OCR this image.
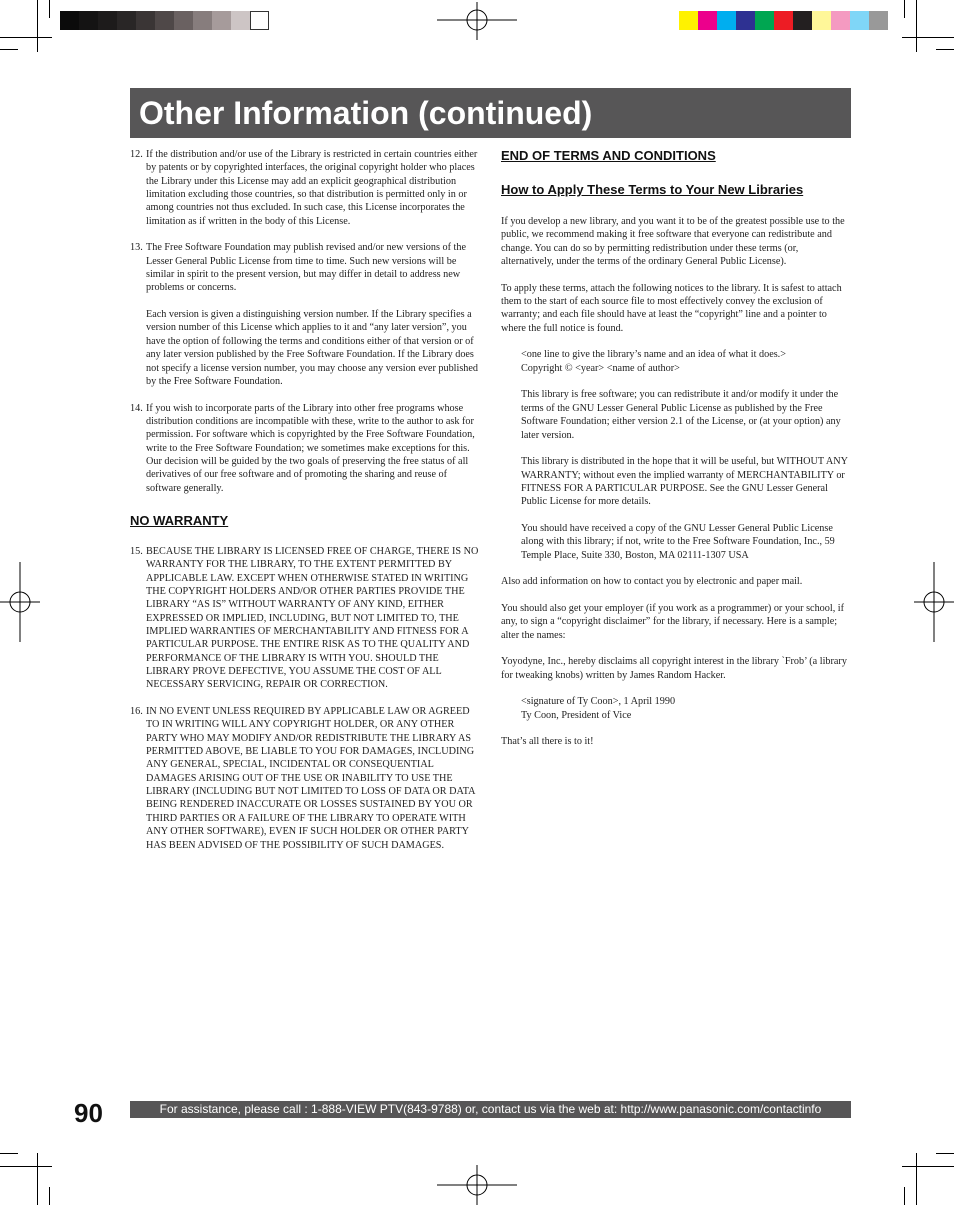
Other Information (continued)
12. If the distribution and/or use of the Library is restricted in certain countries either by patents or by copyrighted interfaces, the original copyright holder who places the Library under this License may add an explicit geographical distribution limitation excluding those countries, so that distribution is permitted only in or among countries not thus excluded. In such case, this License incorporates the limitation as if written in the body of this License.
13. The Free Software Foundation may publish revised and/or new versions of the Lesser General Public License from time to time. Such new versions will be similar in spirit to the present version, but may differ in detail to address new problems or concerns.
Each version is given a distinguishing version number. If the Library specifies a version number of this License which applies to it and “any later version”, you have the option of following the terms and conditions either of that version or of any later version published by the Free Software Foundation. If the Library does not specify a license version number, you may choose any version ever published by the Free Software Foundation.
14. If you wish to incorporate parts of the Library into other free programs whose distribution conditions are incompatible with these, write to the author to ask for permission. For software which is copyrighted by the Free Software Foundation, write to the Free Software Foundation; we sometimes make exceptions for this. Our decision will be guided by the two goals of preserving the free status of all derivatives of our free software and of promoting the sharing and reuse of software generally.

NO WARRANTY

15. BECAUSE THE LIBRARY IS LICENSED FREE OF CHARGE, THERE IS NO WARRANTY FOR THE LIBRARY, TO THE EXTENT PERMITTED BY APPLICABLE LAW. EXCEPT WHEN OTHERWISE STATED IN WRITING THE COPYRIGHT HOLDERS AND/OR OTHER PARTIES PROVIDE THE LIBRARY “AS IS” WITHOUT WARRANTY OF ANY KIND, EITHER EXPRESSED OR IMPLIED, INCLUDING, BUT NOT LIMITED TO, THE IMPLIED WARRANTIES OF MERCHANTABILITY AND FITNESS FOR A PARTICULAR PURPOSE. THE ENTIRE RISK AS TO THE QUALITY AND PERFORMANCE OF THE LIBRARY IS WITH YOU. SHOULD THE LIBRARY PROVE DEFECTIVE, YOU ASSUME THE COST OF ALL NECESSARY SERVICING, REPAIR OR CORRECTION.
16. IN NO EVENT UNLESS REQUIRED BY APPLICABLE LAW OR AGREED TO IN WRITING WILL ANY COPYRIGHT HOLDER, OR ANY OTHER PARTY WHO MAY MODIFY AND/OR REDISTRIBUTE THE LIBRARY AS PERMITTED ABOVE, BE LIABLE TO YOU FOR DAMAGES, INCLUDING ANY GENERAL, SPECIAL, INCIDENTAL OR CONSEQUENTIAL DAMAGES ARISING OUT OF THE USE OR INABILITY TO USE THE LIBRARY (INCLUDING BUT NOT LIMITED TO LOSS OF DATA OR DATA BEING RENDERED INACCURATE OR LOSSES SUSTAINED BY YOU OR THIRD PARTIES OR A FAILURE OF THE LIBRARY TO OPERATE WITH ANY OTHER SOFTWARE), EVEN IF SUCH HOLDER OR OTHER PARTY HAS BEEN ADVISED OF THE POSSIBILITY OF SUCH DAMAGES.

END OF TERMS AND CONDITIONS

How to Apply These Terms to Your New Libraries

If you develop a new library, and you want it to be of the greatest possible use to the public, we recommend making it free software that everyone can redistribute and change. You can do so by permitting redistribution under these terms (or, alternatively, under the terms of the ordinary General Public License).

To apply these terms, attach the following notices to the library. It is safest to attach them to the start of each source file to most effectively convey the exclusion of warranty; and each file should have at least the “copyright” line and a pointer to where the full notice is found.

<one line to give the library’s name and an idea of what it does.>
Copyright © <year> <name of author>

This library is free software; you can redistribute it and/or modify it under the terms of the GNU Lesser General Public License as published by the Free Software Foundation; either version 2.1 of the License, or (at your option) any later version.

This library is distributed in the hope that it will be useful, but WITHOUT ANY WARRANTY; without even the implied warranty of MERCHANTABILITY or FITNESS FOR A PARTICULAR PURPOSE. See the GNU Lesser General Public License for more details.

You should have received a copy of the GNU Lesser General Public License along with this library; if not, write to the Free Software Foundation, Inc., 59 Temple Place, Suite 330, Boston, MA 02111-1307 USA

Also add information on how to contact you by electronic and paper mail.

You should also get your employer (if you work as a programmer) or your school, if any, to sign a “copyright disclaimer” for the library, if necessary. Here is a sample; alter the names:

Yoyodyne, Inc., hereby disclaims all copyright interest in the library `Frob’ (a library for tweaking knobs) written by James Random Hacker.

<signature of Ty Coon>, 1 April 1990
Ty Coon, President of Vice

That’s all there is to it!

90	For assistance, please call : 1-888-VIEW PTV(843-9788) or, contact us via the web at: http://www.panasonic.com/contactinfo
